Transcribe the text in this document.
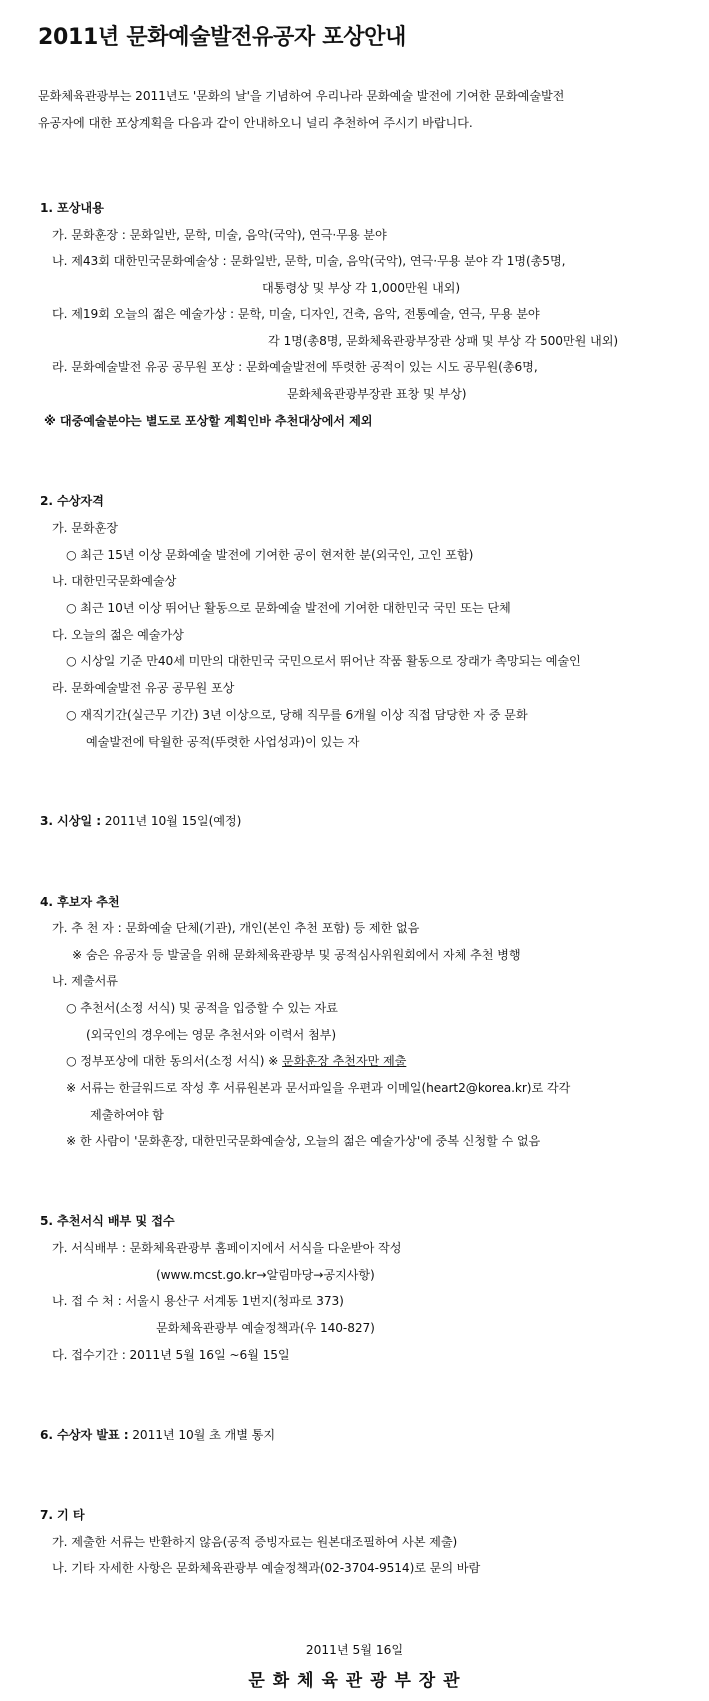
2011년 문화예술발전유공자 포상안내
문화체육관광부는 2011년도 '문화의 날'을 기념하여 우리나라 문화예술 발전에 기여한 문화예술발전
유공자에 대한 포상계획을 다음과 같이 안내하오니 널리 추천하여 주시기 바랍니다.
1. 포상내용
가. 문화훈장 : 문화일반, 문학, 미술, 음악(국악), 연극·무용 분야
나. 제43회 대한민국문화예술상 : 문화일반, 문학, 미술, 음악(국악), 연극·무용 분야 각 1명(총5명,
대통령상 및 부상 각 1,000만원 내외)
다. 제19회 오늘의 젊은 예술가상 : 문학, 미술, 디자인, 건축, 음악, 전통예술, 연극, 무용 분야
각 1명(총8명, 문화체육관광부장관 상패 및 부상 각 500만원 내외)
라. 문화예술발전 유공 공무원 포상 : 문화예술발전에 뚜렷한 공적이 있는 시도 공무원(총6명,
문화체육관광부장관 표창 및 부상)
※ 대중예술분야는 별도로 포상할 계획인바 추천대상에서 제외
2. 수상자격
가. 문화훈장
○ 최근 15년 이상 문화예술 발전에 기여한 공이 현저한 분(외국인, 고인 포함)
나. 대한민국문화예술상
○ 최근 10년 이상 뛰어난 활동으로 문화예술 발전에 기여한 대한민국 국민 또는 단체
다. 오늘의 젊은 예술가상
○ 시상일 기준 만40세 미만의 대한민국 국민으로서 뛰어난 작품 활동으로 장래가 촉망되는 예술인
라. 문화예술발전 유공 공무원 포상
○ 재직기간(실근무 기간) 3년 이상으로, 당해 직무를 6개월 이상 직접 담당한 자 중 문화
예술발전에 탁월한 공적(뚜렷한 사업성과)이 있는 자
3. 시상일 : 2011년 10월 15일(예정)
4. 후보자 추천
가. 추 천 자 : 문화예술 단체(기관), 개인(본인 추천 포함) 등 제한 없음
※ 숨은 유공자 등 발굴을 위해 문화체육관광부 및 공적심사위원회에서 자체 추천 병행
나. 제출서류
○ 추천서(소정 서식) 및 공적을 입증할 수 있는 자료
(외국인의 경우에는 영문 추천서와 이력서 첨부)
○ 정부포상에 대한 동의서(소정 서식) ※ 문화훈장 추천자만 제출
※ 서류는 한글워드로 작성 후 서류원본과 문서파일을 우편과 이메일(heart2@korea.kr)로 각각
제출하여야 함
※ 한 사람이 '문화훈장, 대한민국문화예술상, 오늘의 젊은 예술가상'에 중복 신청할 수 없음
5. 추천서식 배부 및 접수
가. 서식배부 : 문화체육관광부 홈페이지에서 서식을 다운받아 작성
(www.mcst.go.kr→알림마당→공지사항)
나. 접 수 처 : 서울시 용산구 서계동 1번지(청파로 373)
문화체육관광부 예술정책과(우 140-827)
다. 접수기간 : 2011년 5월 16일 ~6월 15일
6. 수상자 발표 : 2011년 10월 초 개별 통지
7. 기 타
가. 제출한 서류는 반환하지 않음(공적 증빙자료는 원본대조필하여 사본 제출)
나. 기타 자세한 사항은 문화체육관광부 예술정책과(02-3704-9514)로 문의 바람
2011년 5월 16일
문 화 체 육 관 광 부 장 관
